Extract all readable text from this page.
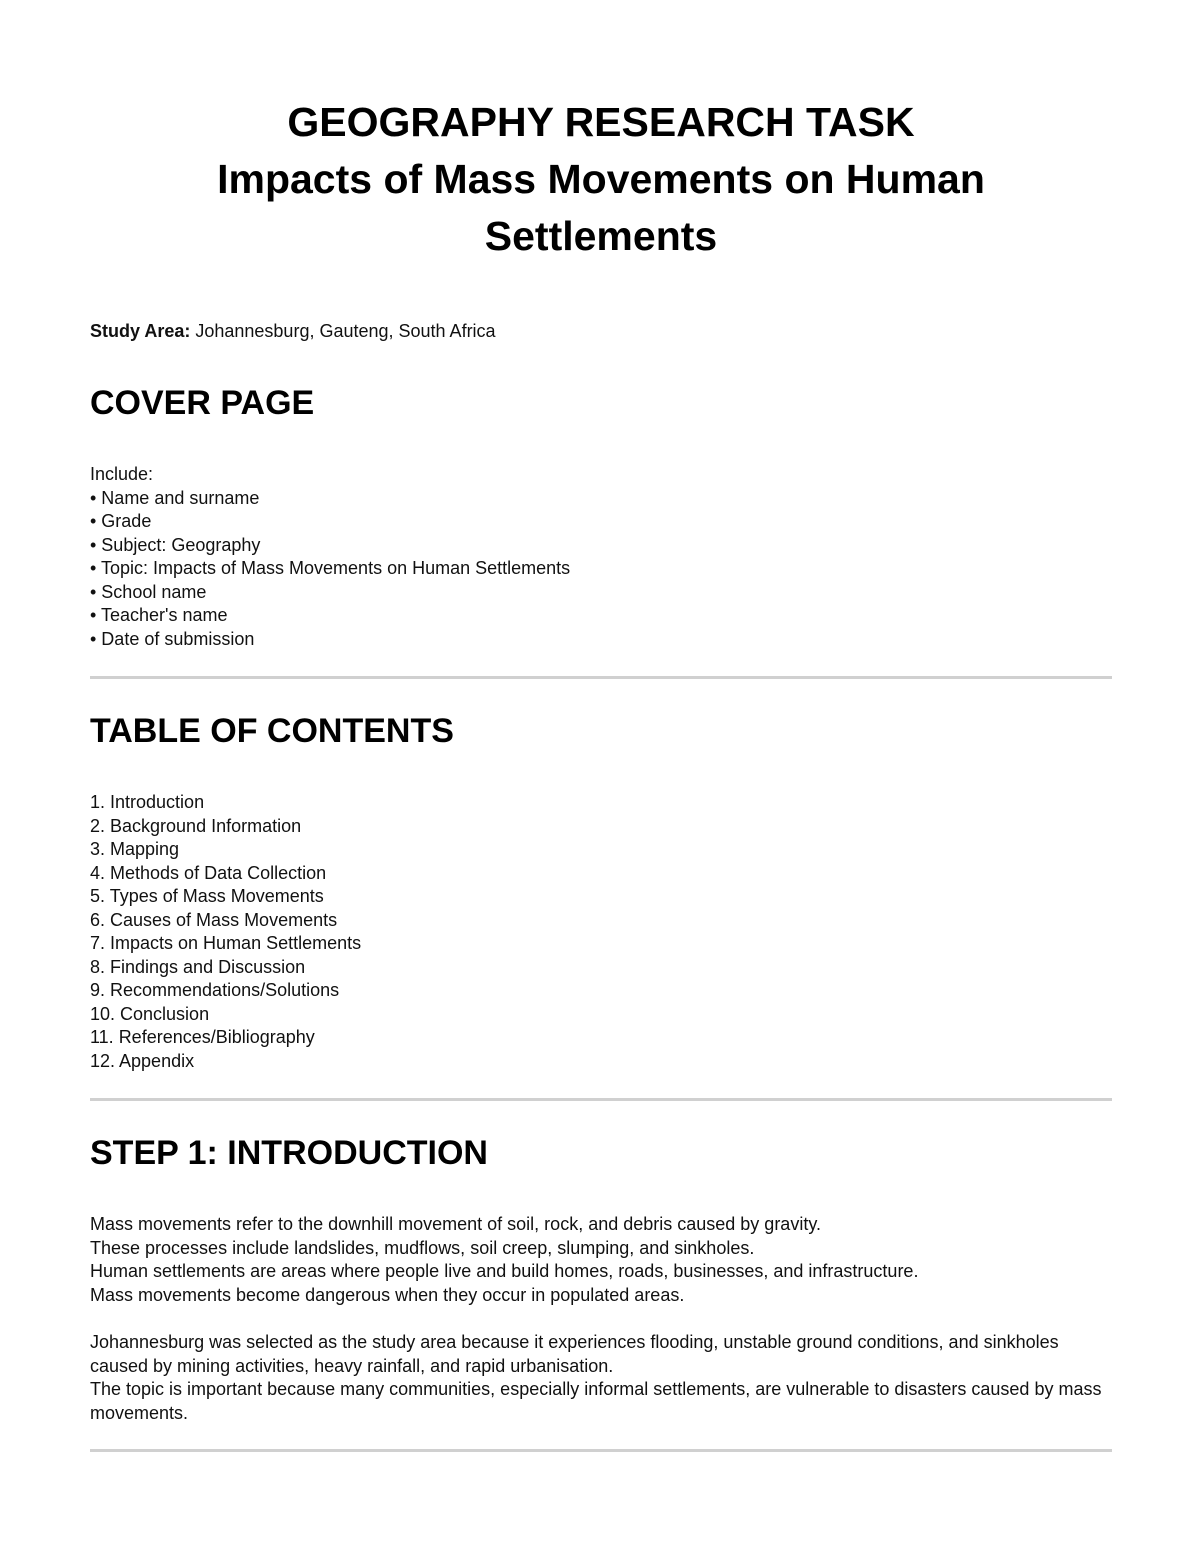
GEOGRAPHY RESEARCH TASK
Impacts of Mass Movements on Human
Settlements
Study Area: Johannesburg, Gauteng, South Africa
COVER PAGE
Include:
• Name and surname
• Grade
• Subject: Geography
• Topic: Impacts of Mass Movements on Human Settlements
• School name
• Teacher's name
• Date of submission
TABLE OF CONTENTS
1. Introduction
2. Background Information
3. Mapping
4. Methods of Data Collection
5. Types of Mass Movements
6. Causes of Mass Movements
7. Impacts on Human Settlements
8. Findings and Discussion
9. Recommendations/Solutions
10. Conclusion
11. References/Bibliography
12. Appendix
STEP 1: INTRODUCTION
Mass movements refer to the downhill movement of soil, rock, and debris caused by gravity.
These processes include landslides, mudflows, soil creep, slumping, and sinkholes.
Human settlements are areas where people live and build homes, roads, businesses, and infrastructure.
Mass movements become dangerous when they occur in populated areas.
Johannesburg was selected as the study area because it experiences flooding, unstable ground conditions, and sinkholes caused by mining activities, heavy rainfall, and rapid urbanisation.
The topic is important because many communities, especially informal settlements, are vulnerable to disasters caused by mass movements.
